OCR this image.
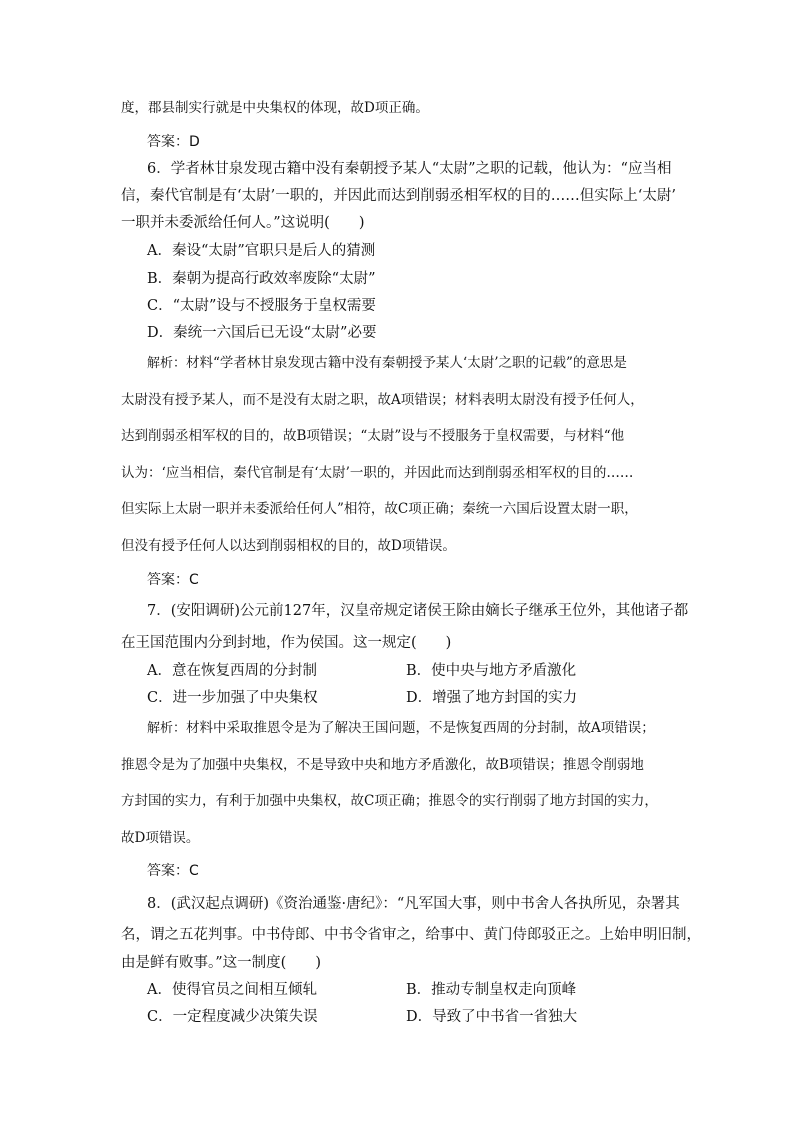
度，郡县制实行就是中央集权的体现，故D项正确。
答案：D
6．学者林甘泉发现古籍中没有秦朝授予某人“太尉”之职的记载，他认为：“应当相
信，秦代官制是有‘太尉’一职的，并因此而达到削弱丞相军权的目的……但实际上‘太尉’
一职并未委派给任何人。”这说明(　　)
A．秦设“太尉”官职只是后人的猜测
B．秦朝为提高行政效率废除“太尉”
C．“太尉”设与不授服务于皇权需要
D．秦统一六国后已无设“太尉”必要
解析：材料“学者林甘泉发现古籍中没有秦朝授予某人‘太尉’之职的记载”的意思是
太尉没有授予某人，而不是没有太尉之职，故A项错误；材料表明太尉没有授予任何人，
达到削弱丞相军权的目的，故B项错误；“太尉”设与不授服务于皇权需要，与材料“他
认为：‘应当相信，秦代官制是有‘太尉’一职的，并因此而达到削弱丞相军权的目的……
但实际上太尉一职并未委派给任何人”相符，故C项正确；秦统一六国后设置太尉一职，
但没有授予任何人以达到削弱相权的目的，故D项错误。
答案：C
7．(安阳调研)公元前127年，汉皇帝规定诸侯王除由嫡长子继承王位外，其他诸子都
在王国范围内分到封地，作为侯国。这一规定(　　)
A．意在恢复西周的分封制	B．使中央与地方矛盾激化
C．进一步加强了中央集权	D．增强了地方封国的实力
解析：材料中采取推恩令是为了解决王国问题，不是恢复西周的分封制，故A项错误；
推恩令是为了加强中央集权，不是导致中央和地方矛盾激化，故B项错误；推恩令削弱地
方封国的实力，有利于加强中央集权，故C项正确；推恩令的实行削弱了地方封国的实力，
故D项错误。
答案：C
8．(武汉起点调研)《资治通鉴·唐纪》：“凡军国大事，则中书舍人各执所见，杂署其
名，谓之五花判事。中书侍郎、中书令省审之，给事中、黄门侍郎驳正之。上始申明旧制，
由是鲜有败事。”这一制度(　　)
A．使得官员之间相互倾轧	B．推动专制皇权走向顶峰
C．一定程度减少决策失误	D．导致了中书省一省独大
